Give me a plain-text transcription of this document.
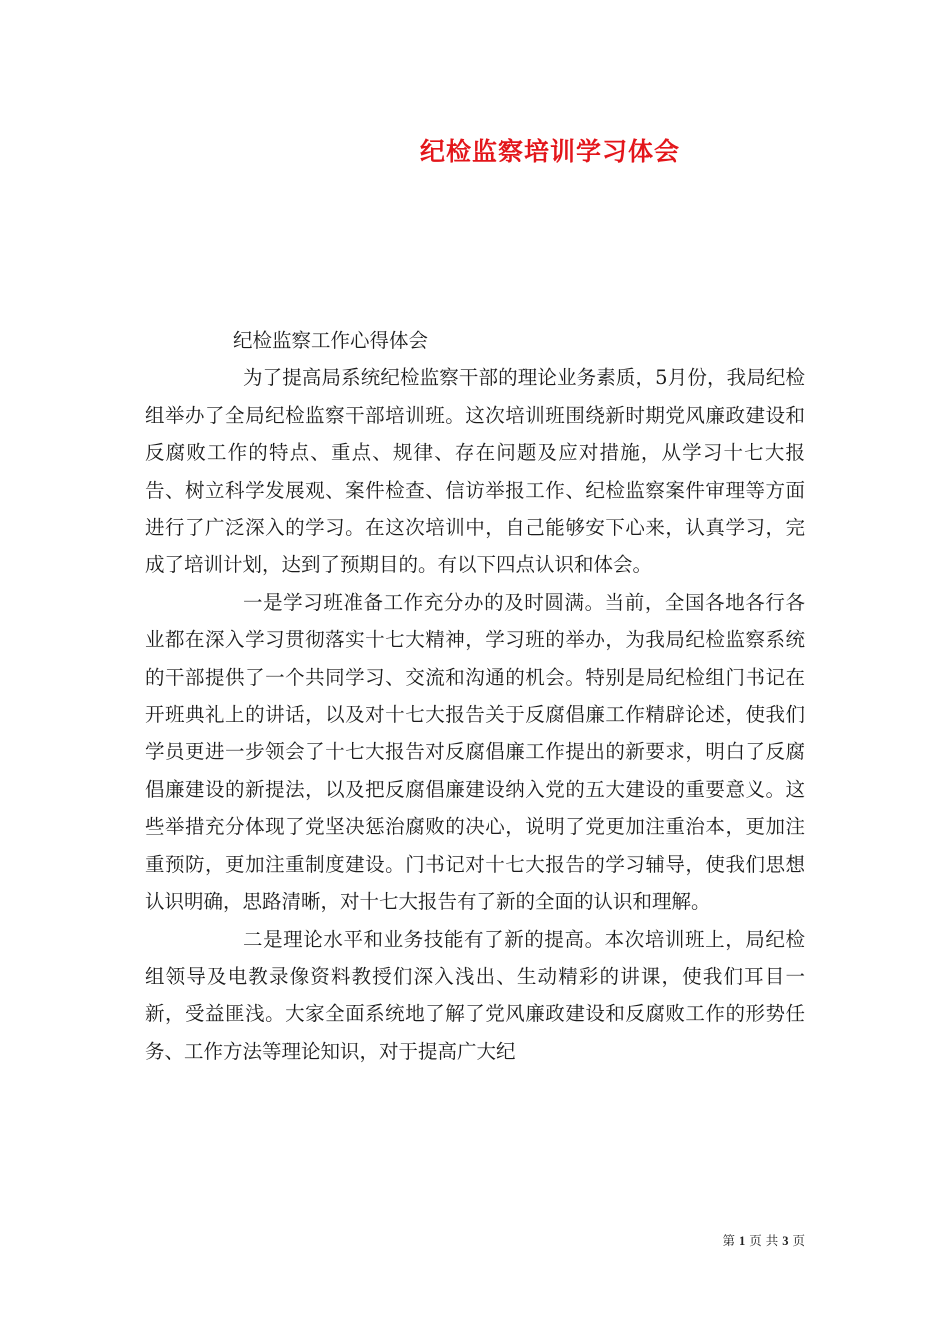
纪检监察培训学习体会

纪检监察工作心得体会

为了提高局系统纪检监察干部的理论业务素质，5月份，我局纪检组举办了全局纪检监察干部培训班。这次培训班围绕新时期党风廉政建设和反腐败工作的特点、重点、规律、存在问题及应对措施，从学习十七大报告、树立科学发展观、案件检查、信访举报工作、纪检监察案件审理等方面进行了广泛深入的学习。在这次培训中，自己能够安下心来，认真学习，完成了培训计划，达到了预期目的。有以下四点认识和体会。

一是学习班准备工作充分办的及时圆满。当前，全国各地各行各业都在深入学习贯彻落实十七大精神，学习班的举办，为我局纪检监察系统的干部提供了一个共同学习、交流和沟通的机会。特别是局纪检组门书记在开班典礼上的讲话，以及对十七大报告关于反腐倡廉工作精辟论述，使我们学员更进一步领会了十七大报告对反腐倡廉工作提出的新要求，明白了反腐倡廉建设的新提法，以及把反腐倡廉建设纳入党的五大建设的重要意义。这些举措充分体现了党坚决惩治腐败的决心，说明了党更加注重治本，更加注重预防，更加注重制度建设。门书记对十七大报告的学习辅导，使我们思想认识明确，思路清晰，对十七大报告有了新的全面的认识和理解。

二是理论水平和业务技能有了新的提高。本次培训班上，局纪检组领导及电教录像资料教授们深入浅出、生动精彩的讲课，使我们耳目一新，受益匪浅。大家全面系统地了解了党风廉政建设和反腐败工作的形势任务、工作方法等理论知识，对于提高广大纪

第 1 页 共 3 页
